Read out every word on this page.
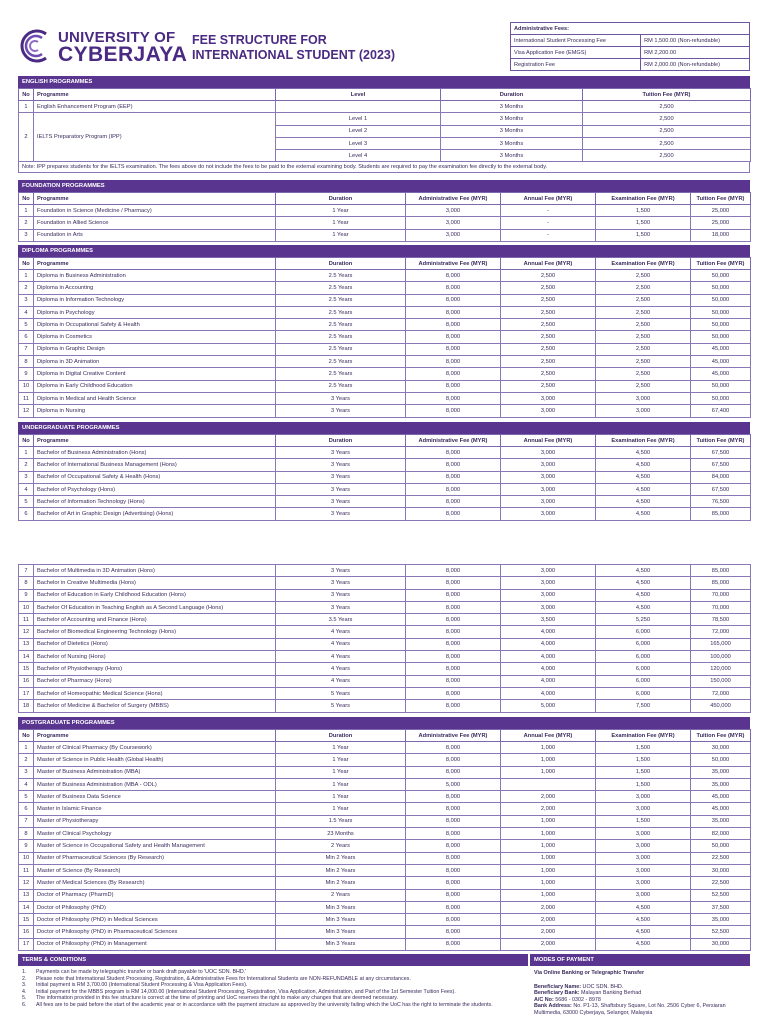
UNIVERSITY OF
CYBERJAYA
FEE STRUCTURE FOR
INTERNATIONAL STUDENT (2023)
Administrative Fees:	
International Student Processing Fee	RM 1,500.00 (Non-refundable)
Visa Application Fee (EMGS)	RM 2,200.00
Registration Fee	RM 2,000.00 (Non-refundable)
ENGLISH PROGRAMMES
No	Programme	Level	Duration	Tuition Fee (MYR)
1	English Enhancement Program (EEP)		3 Months	2,500
2	IELTS Preparatory Program (IPP)	Level 1	3 Months	2,500
		Level 2	3 Months	2,500
		Level 3	3 Months	2,500
		Level 4	3 Months	2,500
Note: IPP prepares students for the IELTS examination. The fees above do not include the fees to be paid to the external examining body. Students are required to pay the examination fee directly to the external body.
FOUNDATION PROGRAMMES
No	Programme	Duration	Administrative Fee (MYR)	Annual Fee (MYR)	Examination Fee (MYR)	Tuition Fee (MYR)
1	Foundation in Science (Medicine / Pharmacy)	1 Year	3,000	-	1,500	25,000
2	Foundation in Allied Science	1 Year	3,000	-	1,500	25,000
3	Foundation in Arts	1 Year	3,000	-	1,500	18,000
DIPLOMA PROGRAMMES
No	Programme	Duration	Administrative Fee (MYR)	Annual Fee (MYR)	Examination Fee (MYR)	Tuition Fee (MYR)
1	Diploma in Business Administration	2.5 Years	8,000	2,500	2,500	50,000
2	Diploma in Accounting	2.5 Years	8,000	2,500	2,500	50,000
3	Diploma in Information Technology	2.5 Years	8,000	2,500	2,500	50,000
4	Diploma in Psychology	2.5 Years	8,000	2,500	2,500	50,000
5	Diploma in Occupational Safety & Health	2.5 Years	8,000	2,500	2,500	50,000
6	Diploma in Cosmetics	2.5 Years	8,000	2,500	2,500	50,000
7	Diploma in Graphic Design	2.5 Years	8,000	2,500	2,500	45,000
8	Diploma in 3D Animation	2.5 Years	8,000	2,500	2,500	45,000
9	Diploma in Digital Creative Content	2.5 Years	8,000	2,500	2,500	45,000
10	Diploma in Early Childhood Education	2.5 Years	8,000	2,500	2,500	50,000
11	Diploma in Medical and Health Science	3 Years	8,000	3,000	3,000	50,000
12	Diploma in Nursing	3 Years	8,000	3,000	3,000	67,400
UNDERGRADUATE PROGRAMMES
No	Programme	Duration	Administrative Fee (MYR)	Annual Fee (MYR)	Examination Fee (MYR)	Tuition Fee (MYR)
1	Bachelor of Business Administration (Hons)	3 Years	8,000	3,000	4,500	67,500
2	Bachelor of International Business Management (Hons)	3 Years	8,000	3,000	4,500	67,500
3	Bachelor of Occupational Safety & Health (Hons)	3 Years	8,000	3,000	4,500	84,000
4	Bachelor of Psychology (Hons)	3 Years	8,000	3,000	4,500	67,500
5	Bachelor of Information Technology (Hons)	3 Years	8,000	3,000	4,500	76,500
6	Bachelor of Art in Graphic Design (Advertising) (Hons)	3 Years	8,000	3,000	4,500	85,000
7	Bachelor of Multimedia in 3D Animation (Hons)	3 Years	8,000	3,000	4,500	85,000
8	Bachelor in Creative Multimedia (Hons)	3 Years	8,000	3,000	4,500	85,000
9	Bachelor of Education in Early Childhood Education (Hons)	3 Years	8,000	3,000	4,500	70,000
10	Bachelor Of Education in Teaching English as A Second Language (Hons)	3 Years	8,000	3,000	4,500	70,000
11	Bachelor of Accounting and Finance (Hons)	3.5 Years	8,000	3,500	5,250	78,500
12	Bachelor of Biomedical Engineering Technology (Hons)	4 Years	8,000	4,000	6,000	72,000
13	Bachelor of Dietetics (Hons)	4 Years	8,000	4,000	6,000	165,000
14	Bachelor of Nursing (Hons)	4 Years	8,000	4,000	6,000	100,000
15	Bachelor of Physiotherapy (Hons)	4 Years	8,000	4,000	6,000	120,000
16	Bachelor of Pharmacy (Hons)	4 Years	8,000	4,000	6,000	150,000
17	Bachelor of Homeopathic Medical Science (Hons)	5 Years	8,000	4,000	6,000	72,000
18	Bachelor of Medicine & Bachelor of Surgery (MBBS)	5 Years	8,000	5,000	7,500	450,000
POSTGRADUATE PROGRAMMES
No	Programme	Duration	Administrative Fee (MYR)	Annual Fee (MYR)	Examination Fee (MYR)	Tuition Fee (MYR)
1	Master of Clinical Pharmacy (By Coursework)	1 Year	8,000	1,000	1,500	30,000
2	Master of Science in Public Health (Global Health)	1 Year	8,000	1,000	1,500	50,000
3	Master of Business Administration (MBA)	1 Year	8,000	1,000	1,500	35,000
4	Master of Business Administration (MBA - ODL)	1 Year	5,000		1,500	35,000
5	Master of Business Data Science	1 Year	8,000	2,000	3,000	45,000
6	Master in Islamic Finance	1 Year	8,000	2,000	3,000	45,000
7	Master of Physiotherapy	1.5 Years	8,000	1,000	1,500	35,000
8	Master of Clinical Psychology	23 Months	8,000	1,000	3,000	82,000
9	Master of Science in Occupational Safety and Health Management	2 Years	8,000	1,000	3,000	50,000
10	Master of Pharmaceutical Sciences (By Research)	Min 2 Years	8,000	1,000	3,000	22,500
11	Master of Science (By Research)	Min 2 Years	8,000	1,000	3,000	30,000
12	Master of Medical Sciences (By Research)	Min 2 Years	8,000	1,000	3,000	22,500
13	Doctor of Pharmacy (PharmD)	2 Years	8,000	1,000	3,000	52,500
14	Doctor of Philosophy (PhD)	Min 3 Years	8,000	2,000	4,500	37,500
15	Doctor of Philosophy (PhD) in Medical Sciences	Min 3 Years	8,000	2,000	4,500	35,000
16	Doctor of Philosophy (PhD) in Pharmaceutical Sciences	Min 3 Years	8,000	2,000	4,500	52,500
17	Doctor of Philosophy (PhD) in Management	Min 3 Years	8,000	2,000	4,500	30,000
TERMS & CONDITIONS
1.	Payments can be made by telegraphic transfer or bank draft payable to 'UOC SDN. BHD.'
2.	Please note that International Student Processing, Registration, & Administrative Fees for International Students are NON-REFUNDABLE at any circumstances.
3.	Initial payment is RM 3,700.00 (International Student Processing & Visa Application Fees).
4.	Initial payment for the MBBS program is RM 14,000.00 (International Student Processing, Registration, Visa Application, Administration, and Part of the 1st Semester Tuition Fees).
5.	The information provided in this fee structure is correct at the time of printing and UoC reserves the right to make any changes that are deemed necessary.
6.	All fees are to be paid before the start of the academic year or in accordance with the payment structure as approved by the university failing which the UoC has the right to terminate the students.
MODES OF PAYMENT
Via Online Banking or Telegraphic Transfer
Beneficiary Name: UOC SDN. BHD.
Beneficiary Bank: Malayan Banking Berhad
A/C No: 5686 - 0302 - 8978
Bank Address: No. P1-13, Shaftsbury Square, Lot No. 2506 Cyber 6, Persiaran Multimedia, 63000 Cyberjaya, Selangor, Malaysia
